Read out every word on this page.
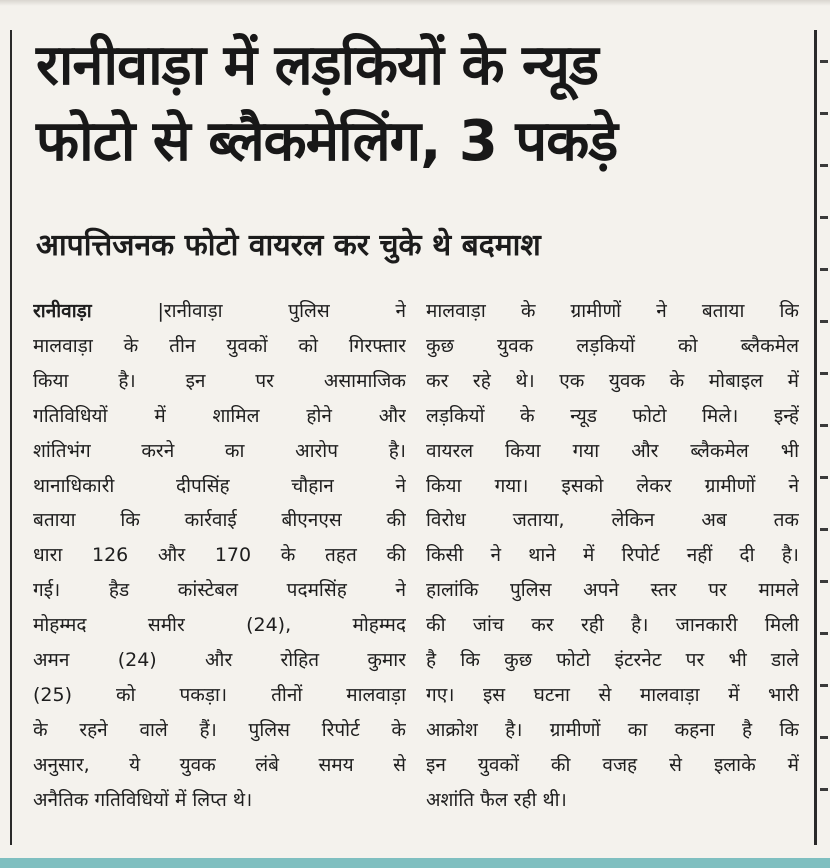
रानीवाड़ा में लड़कियों के न्यूड
फोटो से ब्लैकमेलिंग, 3 पकड़े
आपत्तिजनक फोटो वायरल कर चुके थे बदमाश
रानीवाड़ा	|रानीवाड़ा पुलिस ने
मालवाड़ा के तीन युवकों को गिरफ्तार
किया है। इन पर असामाजिक
गतिविधियों में शामिल होने और
शांतिभंग करने का आरोप है।
थानाधिकारी दीपसिंह चौहान ने
बताया कि कार्रवाई बीएनएस की
धारा 126 और 170 के तहत की
गई। हैड कांस्टेबल पदमसिंह ने
मोहम्मद समीर (24), मोहम्मद
अमन (24) और रोहित कुमार
(25) को पकड़ा। तीनों मालवाड़ा
के रहने वाले हैं। पुलिस रिपोर्ट के
अनुसार, ये युवक लंबे समय से
अनैतिक गतिविधियों में लिप्त थे।
मालवाड़ा के ग्रामीणों ने बताया कि
कुछ युवक लड़कियों को ब्लैकमेल
कर रहे थे। एक युवक के मोबाइल में
लड़कियों के न्यूड फोटो मिले। इन्हें
वायरल किया गया और ब्लैकमेल भी
किया गया। इसको लेकर ग्रामीणों ने
विरोध जताया, लेकिन अब तक
किसी ने थाने में रिपोर्ट नहीं दी है।
हालांकि पुलिस अपने स्तर पर मामले
की जांच कर रही है। जानकारी मिली
है कि कुछ फोटो इंटरनेट पर भी डाले
गए। इस घटना से मालवाड़ा में भारी
आक्रोश है। ग्रामीणों का कहना है कि
इन युवकों की वजह से इलाके में
अशांति फैल रही थी।
